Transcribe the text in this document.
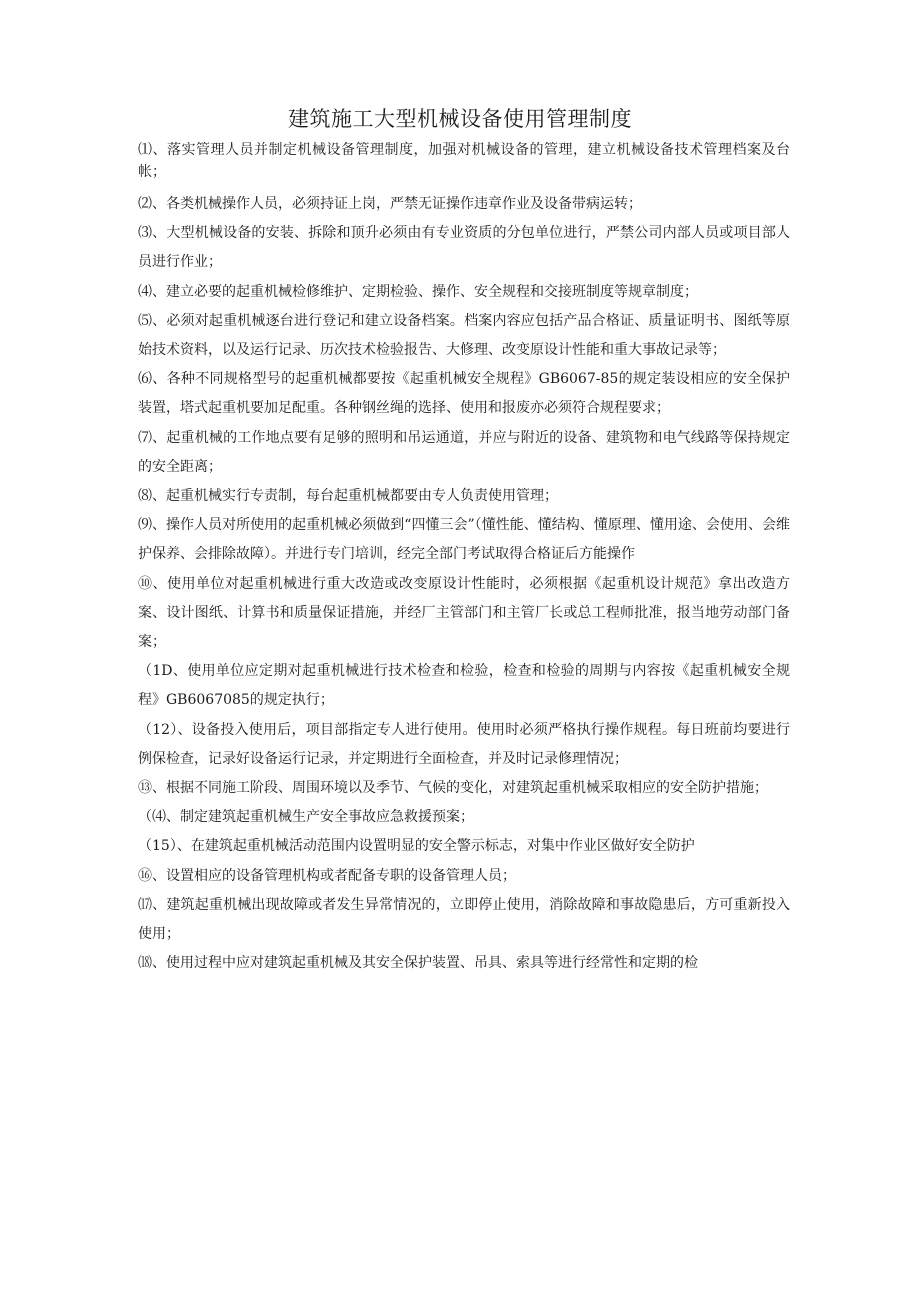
建筑施工大型机械设备使用管理制度

⑴、落实管理人员并制定机械设备管理制度，加强对机械设备的管理，建立机械设备技术管理档案及台帐；

⑵、各类机械操作人员，必须持证上岗，严禁无证操作违章作业及设备带病运转；

⑶、大型机械设备的安装、拆除和顶升必须由有专业资质的分包单位进行，严禁公司内部人员或项目部人员进行作业；

⑷、建立必要的起重机械检修维护、定期检验、操作、安全规程和交接班制度等规章制度；

⑸、必须对起重机械逐台进行登记和建立设备档案。档案内容应包括产品合格证、质量证明书、图纸等原始技术资料，以及运行记录、历次技术检验报告、大修理、改变原设计性能和重大事故记录等；

⑹、各种不同规格型号的起重机械都要按《起重机械安全规程》GB6067-85的规定装设相应的安全保护装置，塔式起重机要加足配重。各种钢丝绳的选择、使用和报废亦必须符合规程要求；

⑺、起重机械的工作地点要有足够的照明和吊运通道，并应与附近的设备、建筑物和电气线路等保持规定的安全距离；

⑻、起重机械实行专责制，每台起重机械都要由专人负责使用管理；

⑼、操作人员对所使用的起重机械必须做到“四懂三会”（懂性能、懂结构、懂原理、懂用途、会使用、会维护保养、会排除故障）。并进行专门培训，经完全部门考试取得合格证后方能操作

⑩、使用单位对起重机械进行重大改造或改变原设计性能时，必须根据《起重机设计规范》拿出改造方案、设计图纸、计算书和质量保证措施，并经厂主管部门和主管厂长或总工程师批准，报当地劳动部门备案；

（1D、使用单位应定期对起重机械进行技术检查和检验，检查和检验的周期与内容按《起重机械安全规程》GB6067085的规定执行；

（12）、设备投入使用后，项目部指定专人进行使用。使用时必须严格执行操作规程。每日班前均要进行例保检查，记录好设备运行记录，并定期进行全面检查，并及时记录修理情况；

⑬、根据不同施工阶段、周围环境以及季节、气候的变化，对建筑起重机械采取相应的安全防护措施；

（⑷、制定建筑起重机械生产安全事故应急救援预案；

（15）、在建筑起重机械活动范围内设置明显的安全警示标志，对集中作业区做好安全防护

⑯、设置相应的设备管理机构或者配备专职的设备管理人员；

⒄、建筑起重机械出现故障或者发生异常情况的，立即停止使用，消除故障和事故隐患后，方可重新投入使用；

⒅、使用过程中应对建筑起重机械及其安全保护装置、吊具、索具等进行经常性和定期的检
